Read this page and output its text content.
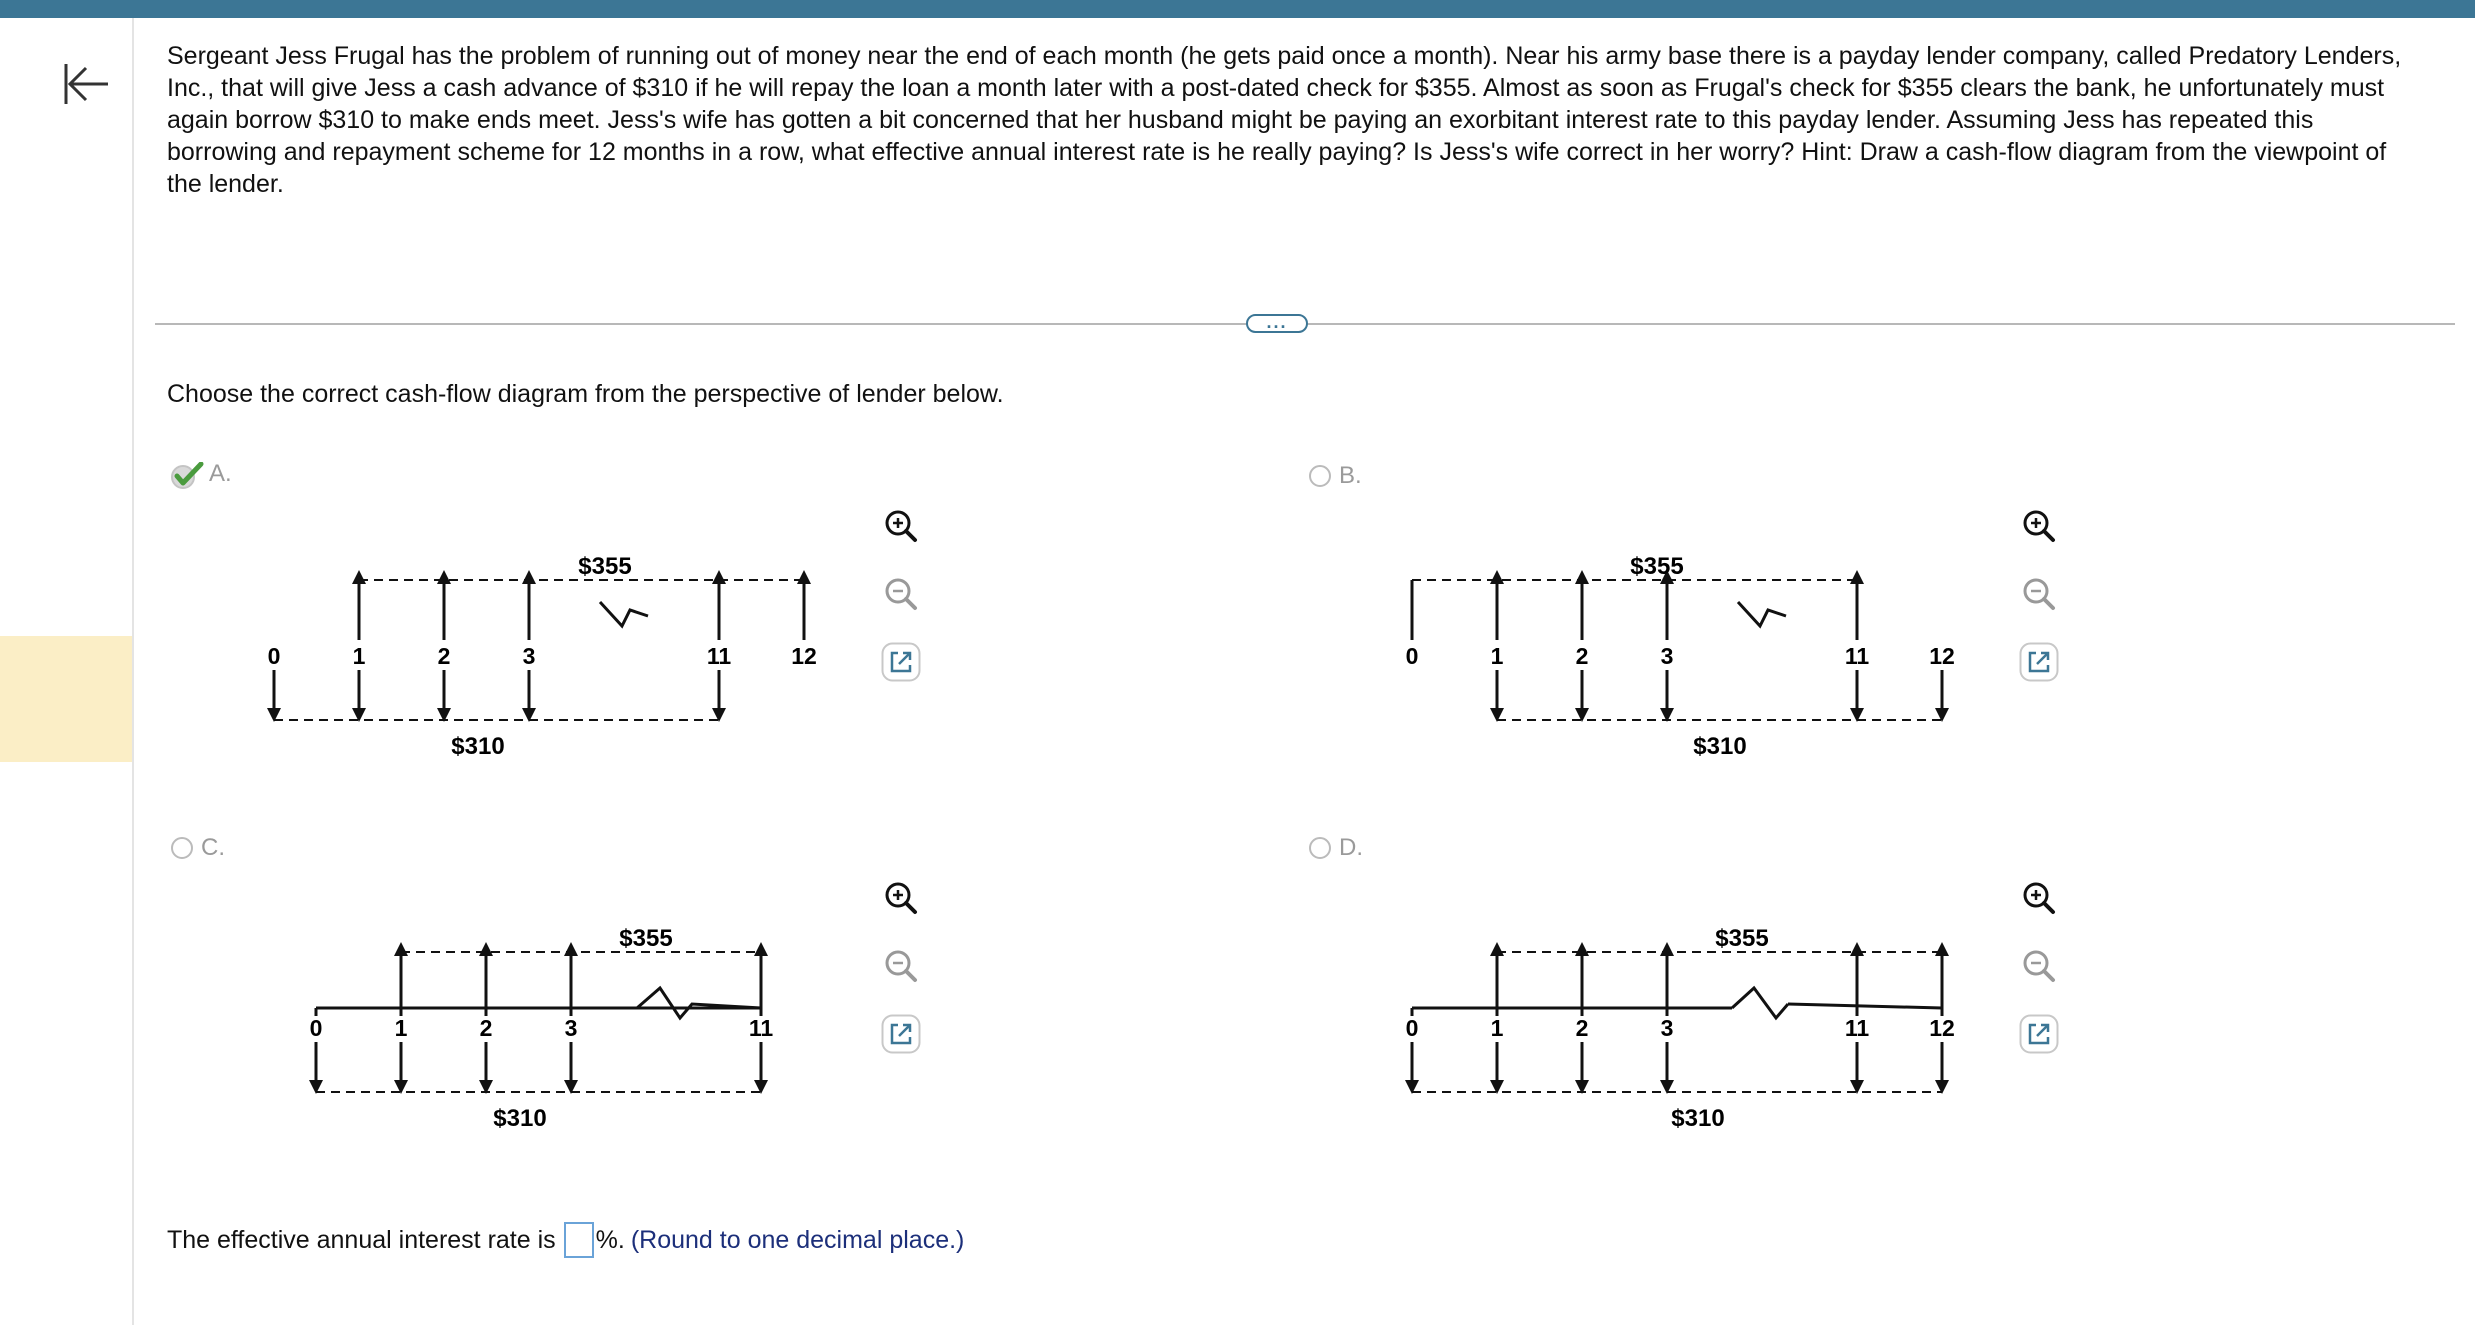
Sergeant Jess Frugal has the problem of running out of money near the end of each month (he gets paid once a month). Near his army base there is a payday lender company, called Predatory Lenders, Inc., that will give Jess a cash advance of $310 if he will repay the loan a month later with a post-dated check for $355. Almost as soon as Frugal's check for $355 clears the bank, he unfortunately must again borrow $310 to make ends meet. Jess's wife has gotten a bit concerned that her husband might be paying an exorbitant interest rate to this payday lender. Assuming Jess has repeated this borrowing and repayment scheme for 12 months in a row, what effective annual interest rate is he really paying? Is Jess's wife correct in her worry? Hint: Draw a cash-flow diagram from the viewpoint of the lender.

...

Choose the correct cash-flow diagram from the perspective of lender below.

A.	B.
C.	D.
0	1	2	3	11	12
$355
$310
0	1	2	3	11	12
$355
$310
0	1	2	3	11
$355
$310
0	1	2	3	11	12
$355
$310
The effective annual interest rate is %. (Round to one decimal place.)
